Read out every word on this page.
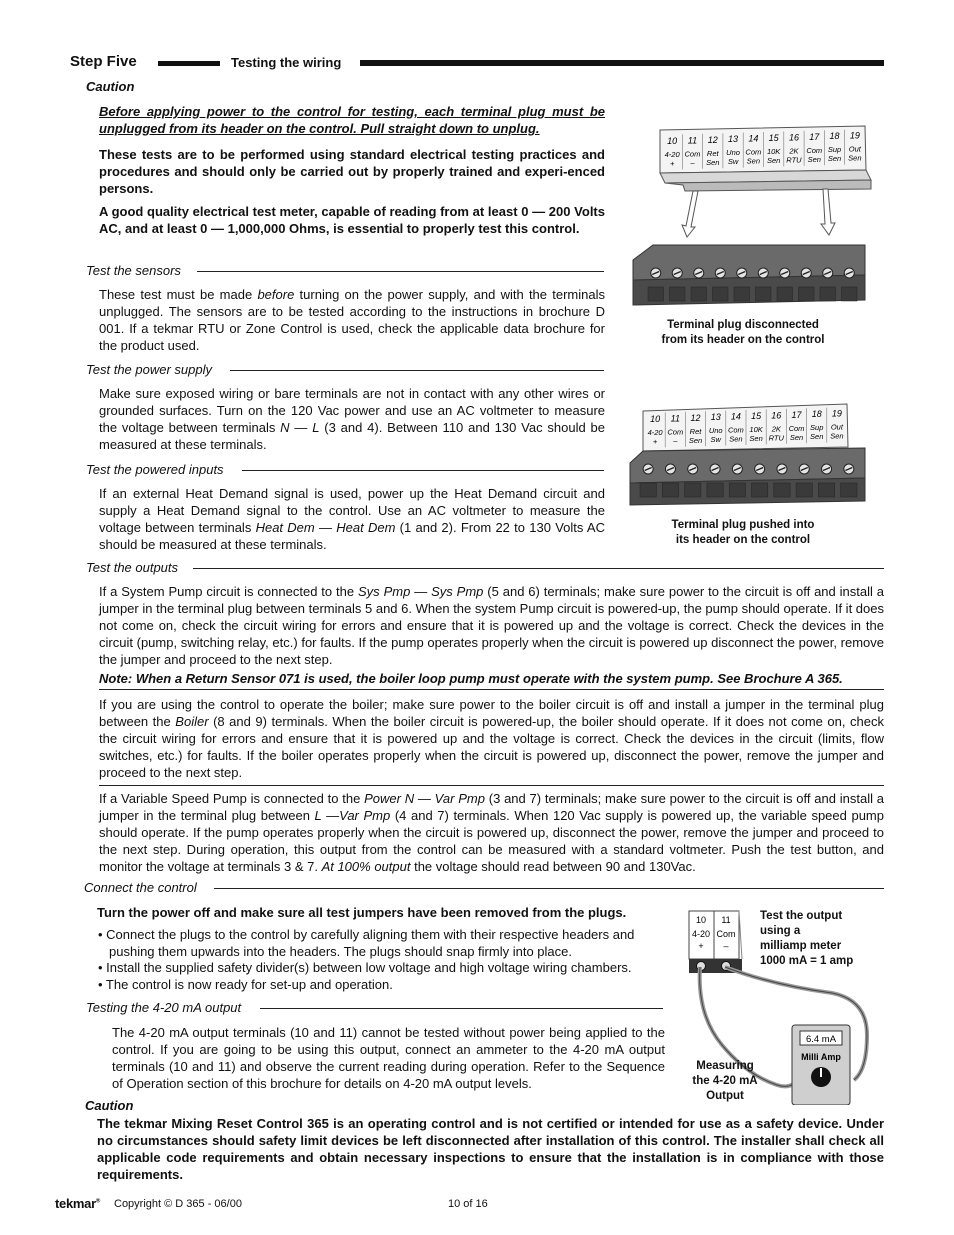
Step Five	Testing the wiring
Caution
Before applying power to the control for testing, each terminal plug must be unplugged from its header on the control. Pull straight down to unplug.
These tests are to be performed using standard electrical testing practices and procedures and should only be carried out by properly trained and experi-enced persons.
A good quality electrical test meter, capable of reading from at least 0 — 200 Volts AC, and at least 0 — 1,000,000 Ohms, is essential to properly test this control.
Test the sensors
These test must be made before turning on the power supply, and with the terminals unplugged. The sensors are to be tested according to the instructions in brochure D 001. If a tekmar RTU or Zone Control is used, check the applicable data brochure for the product used.
Test the power supply
Make sure exposed wiring or bare terminals are not in contact with any other wires or grounded surfaces. Turn on the 120 Vac power and use an AC voltmeter to measure the voltage between terminals N — L (3 and 4). Between 110 and 130 Vac should be measured at these terminals.
Test the powered inputs
If an external Heat Demand signal is used, power up the Heat Demand circuit and supply a Heat Demand signal to the control. Use an AC voltmeter to measure the voltage between terminals Heat Dem — Heat Dem (1 and 2). From 22 to 130 Volts AC should be measured at these terminals.
Test the outputs
If a System Pump circuit is connected to the Sys Pmp — Sys Pmp (5 and 6) terminals; make sure power to the circuit is off and install a jumper in the terminal plug between terminals 5 and 6. When the system Pump circuit is powered-up, the pump should operate. If it does not come on, check the circuit wiring for errors and ensure that it is powered up and the voltage is correct. Check the devices in the circuit (pump, switching relay, etc.) for faults. If the pump operates properly when the circuit is powered up disconnect the power, remove the jumper and proceed to the next step.
Note: When a Return Sensor 071 is used, the boiler loop pump must operate with the system pump. See Brochure A 365.
If you are using the control to operate the boiler; make sure power to the boiler circuit is off and install a jumper in the terminal plug between the Boiler (8 and 9) terminals. When the boiler circuit is powered-up, the boiler should operate. If it does not come on, check the circuit wiring for errors and ensure that it is powered up and the voltage is correct. Check the devices in the circuit (limits, flow switches, etc.) for faults. If the boiler operates properly when the circuit is powered up, disconnect the power, remove the jumper and proceed to the next step.
If a Variable Speed Pump is connected to the Power N — Var Pmp (3 and 7) terminals; make sure power to the circuit is off and install a jumper in the terminal plug between L —Var Pmp (4 and 7) terminals. When 120 Vac supply is powered up, the variable speed pump should operate. If the pump operates properly when the circuit is powered up, disconnect the power, remove the jumper and proceed to the next step. During operation, this output from the control can be measured with a standard voltmeter. Push the test button, and monitor the voltage at terminals 3 & 7. At 100% output the voltage should read between 90 and 130Vac.
Connect the control
Turn the power off and make sure all test jumpers have been removed from the plugs.
• Connect the plugs to the control by carefully aligning them with their respective headers and pushing them upwards into the headers. The plugs should snap firmly into place.
• Install the supplied safety divider(s) between low voltage and high voltage wiring chambers.
• The control is now ready for set-up and operation.
Testing the 4-20 mA output
The 4-20 mA output terminals (10 and 11) cannot be tested without power being applied to the control. If you are going to be using this output, connect an ammeter to the 4-20 mA output terminals (10 and 11) and observe the current reading during operation. Refer to the Sequence of Operation section of this brochure for details on 4-20 mA output levels.
Caution
The tekmar Mixing Reset Control 365 is an operating control and is not certified or intended for use as a safety device. Under no circumstances should safety limit devices be left disconnected after installation of this control. The installer shall check all applicable code requirements and obtain necessary inspections to ensure that the installation is in compliance with those requirements.
tekmar® Copyright © D 365 - 06/00	10 of 16
10
4-20
+
11
Com
–
12
Ret
Sen
13
Uno
Sw
14
Com
Sen
15
10K
Sen
16
2K
RTU
17
Com
Sen
18
Sup
Sen
19
Out
Sen
Terminal plug disconnected
from its header on the control
10
4-20
+
11
Com
–
12
Ret
Sen
13
Uno
Sw
14
Com
Sen
15
10K
Sen
16
2K
RTU
17
Com
Sen
18
Sup
Sen
19
Out
Sen
Terminal plug pushed into
its header on the control
10
4-20
+
11
Com
–
6.4 mA
Milli Amp
Test the output
using a
milliamp meter
1000 mA = 1 amp
Measuring
the 4-20 mA
Output
